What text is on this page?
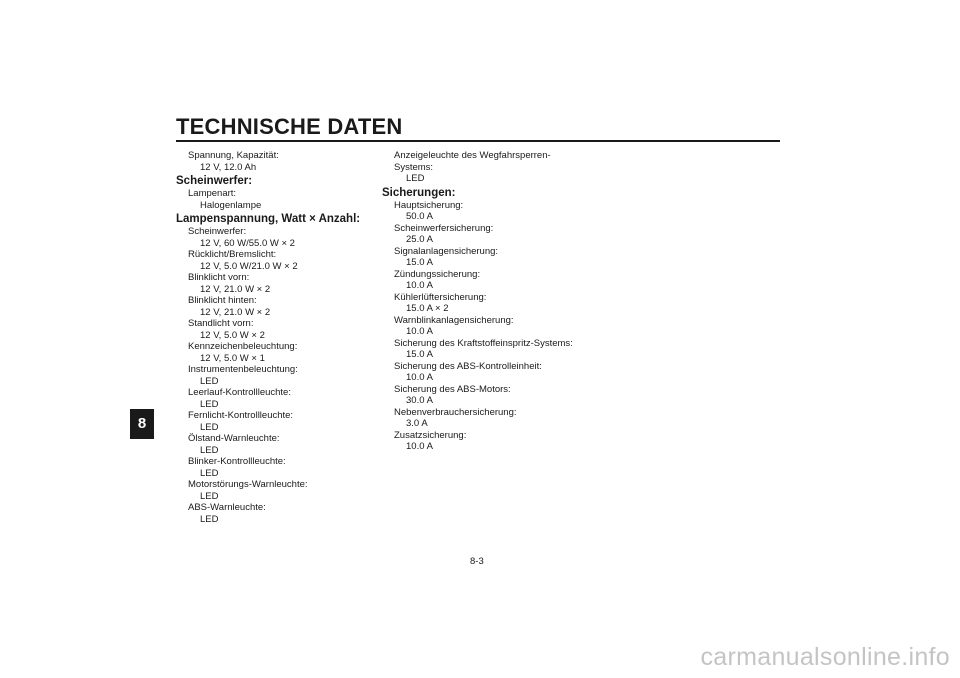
TECHNISCHE DATEN
8
Spannung, Kapazität:
12 V, 12.0 Ah
Scheinwerfer:
Lampenart:
Halogenlampe
Lampenspannung, Watt × Anzahl:
Scheinwerfer:
12 V, 60 W/55.0 W × 2
Rücklicht/Bremslicht:
12 V, 5.0 W/21.0 W × 2
Blinklicht vorn:
12 V, 21.0 W × 2
Blinklicht hinten:
12 V, 21.0 W × 2
Standlicht vorn:
12 V, 5.0 W × 2
Kennzeichenbeleuchtung:
12 V, 5.0 W × 1
Instrumentenbeleuchtung:
LED
Leerlauf-Kontrollleuchte:
LED
Fernlicht-Kontrollleuchte:
LED
Ölstand-Warnleuchte:
LED
Blinker-Kontrollleuchte:
LED
Motorstörungs-Warnleuchte:
LED
ABS-Warnleuchte:
LED
Anzeigeleuchte des Wegfahrsperren-
Systems:
LED
Sicherungen:
Hauptsicherung:
50.0 A
Scheinwerfersicherung:
25.0 A
Signalanlagensicherung:
15.0 A
Zündungssicherung:
10.0 A
Kühlerlüftersicherung:
15.0 A × 2
Warnblinkanlagensicherung:
10.0 A
Sicherung des Kraftstoffeinspritz-Systems:
15.0 A
Sicherung des ABS-Kontrolleinheit:
10.0 A
Sicherung des ABS-Motors:
30.0 A
Nebenverbrauchersicherung:
3.0 A
Zusatzsicherung:
10.0 A
8-3
carmanualsonline.info
